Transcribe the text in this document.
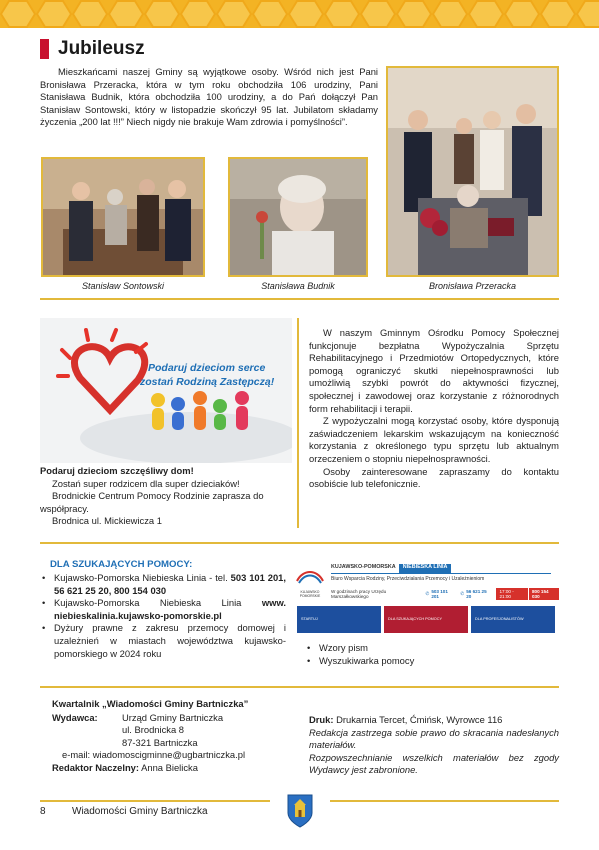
Jubileusz

Mieszkańcami naszej Gminy są wyjątkowe osoby. Wśród nich jest Pani Bronisława Przeracka, która w tym roku obchodziła 106 urodziny, Pani Stanisława Budnik, która obchodziła 100 urodziny, a do Pań dołączył Pan Stanisław Sontowski, który w listopadzie skończył 95 lat. Jubilatom składamy życzenia „200 lat !!!” Niech nigdy nie brakuje Wam zdrowia i pomyślności”.

Stanisław Sontowski	Stanisława Budnik	Bronisława Przeracka
Podaruj dzieciom serce
zostań Rodziną Zastępczą!
Podaruj dzieciom szczęśliwy dom!
Zostań super rodzicem dla super dzieciaków!
Brodnickie Centrum Pomocy Rodzinie zaprasza do współpracy.
Brodnica ul. Mickiewicza 1

W naszym Gminnym Ośrodku Pomocy Społecznej funkcjonuje bezpłatna Wypożyczalnia Sprzętu Rehabilitacyjnego i Przedmiotów Ortopedycznych, które pomogą ograniczyć skutki niepełnosprawności lub umożliwią szybki powrót do aktywności fizycznej, społecznej i zawodowej oraz korzystanie z różnorodnych form rehabilitacji i terapii.

Z wypożyczalni mogą korzystać osoby, które dysponują zaświadczeniem lekarskim wskazującym na konieczność korzystania z określonego typu sprzętu lub aktualnym orzeczeniem o stopniu niepełnosprawności.

Osoby zainteresowane zapraszamy do kontaktu osobiście lub telefonicznie.

DLA SZUKAJĄCYCH POMOCY:
• Kujawsko-Pomorska Niebieska Linia - tel. 503 101 201, 56 621 25 20, 800 154 030
• Kujawsko-Pomorska Niebieska Linia www. niebieskalinia.kujawsko-pomorskie.pl
• Dyżury prawne z zakresu przemocy domowej i uzależnień w miastach województwa kujawsko-pomorskiego w 2024 roku
KUJAWSKO-POMORSKA	NIEBIESKA LINIA
KUJAWSKO POMORSKIE
Biuro Wsparcia Rodziny, Przeciwdziałania Przemocy i Uzależnieniom
W godzinach pracy Urzędu Marszałkowskiego
✆ 503 101 201
✆ 56 621 25 20
17:00 - 21:00
800 154 030
STARTUJ	DLA SZUKAJĄCYCH POMOCY	DLA PROFESJONALISTÓW
• Wzory pism
• Wyszukiwarka pomocy
Kwartalnik „Wiadomości Gminy Bartniczka”
Wydawca:	Urząd Gminy Bartniczka
ul. Brodnicka 8
87-321 Bartniczka
e-mail: wiadomoscigminne@ugbartniczka.pl
Redaktor Naczelny: Anna Bielicka
Druk: Drukarnia Tercet, Ćmińsk, Wyrowce 116
Redakcja zastrzega sobie prawo do skracania nadesłanych materiałów.
Rozpowszechnianie wszelkich materiałów bez zgody Wydawcy jest zabronione.
8	Wiadomości Gminy Bartniczka
